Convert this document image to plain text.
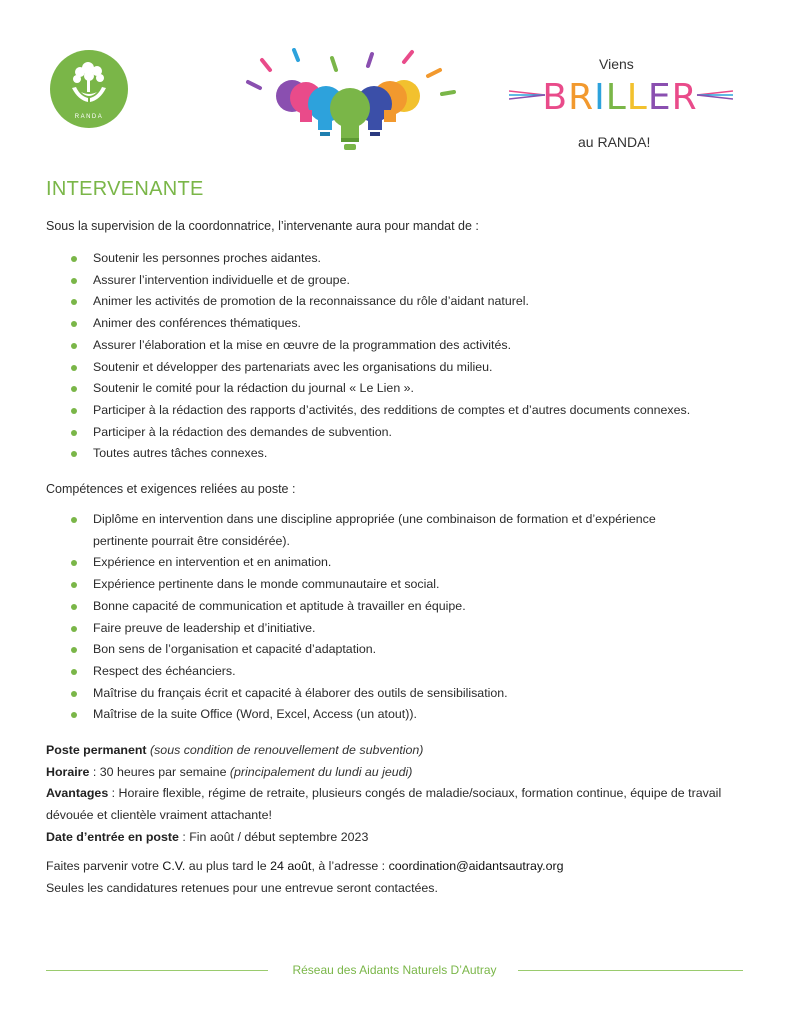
RANDA
Viens
BRILLER
au RANDA!
INTERVENANTE
Sous la supervision de la coordonnatrice, l’intervenante aura pour mandat de :
Soutenir les personnes proches aidantes.
Assurer l’intervention individuelle et de groupe.
Animer les activités de promotion de la reconnaissance du rôle d’aidant naturel.
Animer des conférences thématiques.
Assurer l’élaboration et la mise en œuvre de la programmation des activités.
Soutenir et développer des partenariats avec les organisations du milieu.
Soutenir le comité pour la rédaction du journal « Le Lien ».
Participer à la rédaction des rapports d’activités, des redditions de comptes et d’autres documents connexes.
Participer à la rédaction des demandes de subvention.
Toutes autres tâches connexes.
Compétences et exigences reliées au poste :
Diplôme en intervention dans une discipline appropriée (une combinaison de formation et d’expérience pertinente pourrait être considérée).
Expérience en intervention et en animation.
Expérience pertinente dans le monde communautaire et social.
Bonne capacité de communication et aptitude à travailler en équipe.
Faire preuve de leadership et d’initiative.
Bon sens de l’organisation et capacité d’adaptation.
Respect des échéanciers.
Maîtrise du français écrit et capacité à élaborer des outils de sensibilisation.
Maîtrise de la suite Office (Word, Excel, Access (un atout)).

Poste permanent (sous condition de renouvellement de subvention)

Horaire : 30 heures par semaine (principalement du lundi au jeudi)

Avantages : Horaire flexible, régime de retraite, plusieurs congés de maladie/sociaux, formation continue, équipe de travail dévouée et clientèle vraiment attachante!

Date d’entrée en poste : Fin août / début septembre 2023

Faites parvenir votre C.V. au plus tard le 24 août, à l’adresse : coordination@aidantsautray.org

Seules les candidatures retenues pour une entrevue seront contactées.

Réseau des Aidants Naturels D’Autray
